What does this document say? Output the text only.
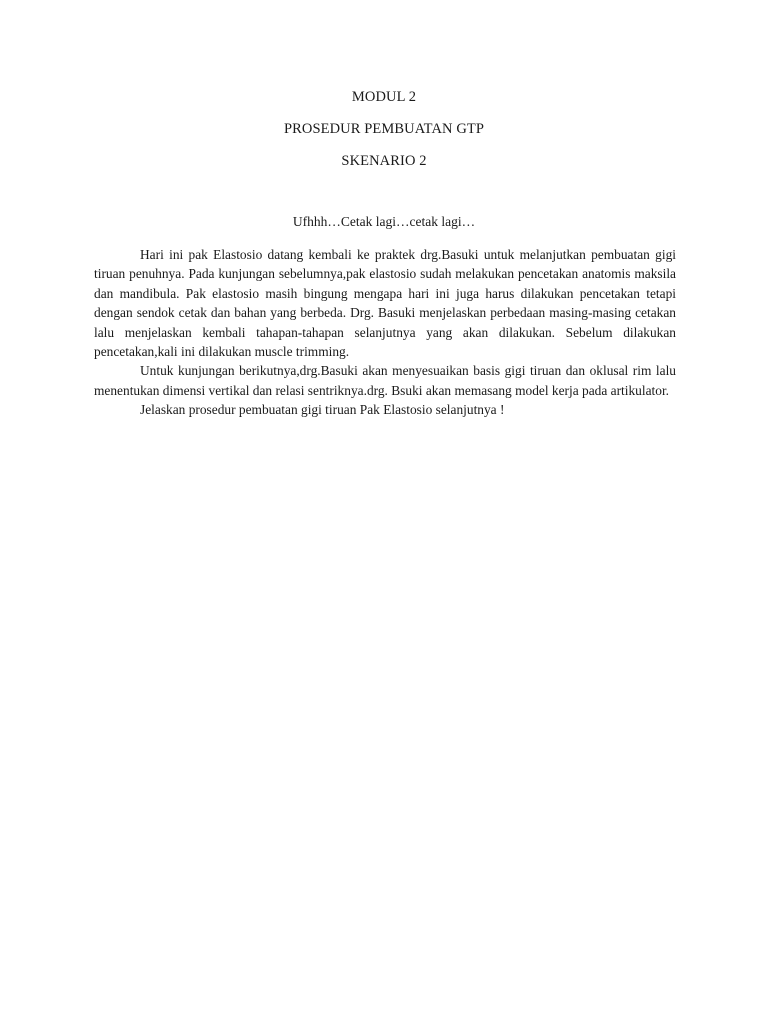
MODUL 2
PROSEDUR PEMBUATAN GTP
SKENARIO 2

Ufhhh…Cetak lagi…cetak lagi…

Hari ini pak Elastosio datang kembali ke praktek drg.Basuki untuk melanjutkan pembuatan gigi tiruan penuhnya. Pada kunjungan sebelumnya,pak elastosio sudah melakukan pencetakan anatomis maksila dan mandibula. Pak elastosio masih bingung mengapa hari ini juga harus dilakukan pencetakan tetapi dengan sendok cetak dan bahan yang berbeda. Drg. Basuki menjelaskan perbedaan masing-masing cetakan lalu menjelaskan kembali tahapan-tahapan selanjutnya yang akan dilakukan. Sebelum dilakukan pencetakan,kali ini dilakukan muscle trimming.

Untuk kunjungan berikutnya,drg.Basuki akan menyesuaikan basis gigi tiruan dan oklusal rim lalu menentukan dimensi vertikal dan relasi sentriknya.drg. Bsuki akan memasang model kerja pada artikulator.

Jelaskan prosedur pembuatan gigi tiruan Pak Elastosio selanjutnya !
